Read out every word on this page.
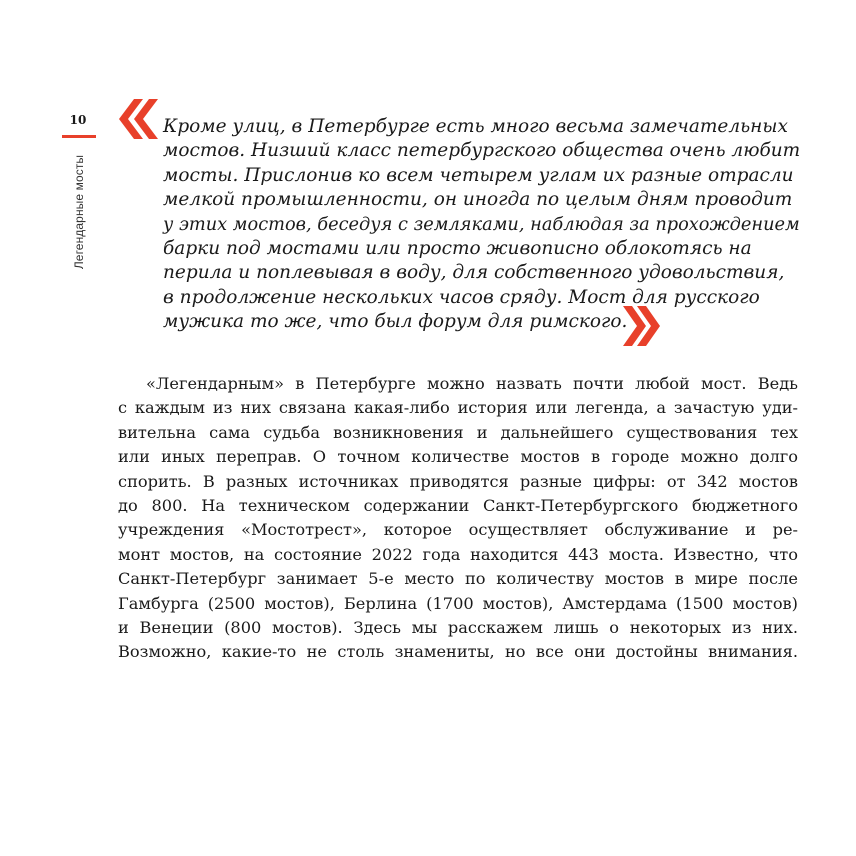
10
Легендарные мосты
Кроме улиц, в Петербурге есть много весьма замечательных
мостов. Низший класс петербургского общества очень любит
мосты. Прислонив ко всем четырем углам их разные отрасли
мелкой промышленности, он иногда по целым дням проводит
у этих мостов, беседуя с земляками, наблюдая за прохождением
барки под мостами или просто живописно облокотясь на
перила и поплевывая в воду, для собственного удовольствия,
в продолжение нескольких часов сряду. Мост для русского
мужика то же, что был форум для римского.
«Легендарным» в Петербурге можно назвать почти любой мост. Ведь
с каждым из них связана какая-либо история или легенда, а зачастую уди-
вительна сама судьба возникновения и дальнейшего существования тех
или иных переправ. О точном количестве мостов в городе можно долго
спорить. В разных источниках приводятся разные цифры: от 342 мостов
до 800. На техническом содержании Санкт-Петербургского бюджетного
учреждения «Мостотрест», которое осуществляет обслуживание и ре-
монт мостов, на состояние 2022 года находится 443 моста. Известно, что
Санкт-Петербург занимает 5-е место по количеству мостов в мире после
Гамбурга (2500 мостов), Берлина (1700 мостов), Амстердама (1500 мостов)
и Венеции (800 мостов). Здесь мы расскажем лишь о некоторых из них.
Возможно, какие-то не столь знамениты, но все они достойны внимания.
